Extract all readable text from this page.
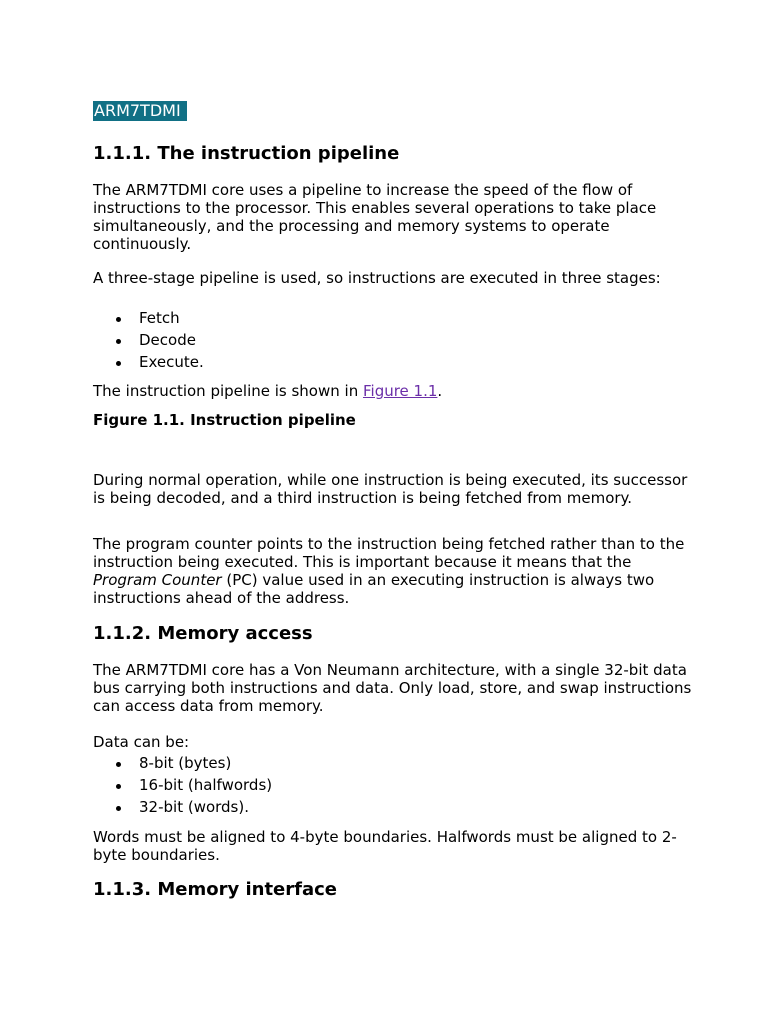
ARM7TDMI
1.1.1. The instruction pipeline

The ARM7TDMI core uses a pipeline to increase the speed of the flow of instructions to the processor. This enables several operations to take place simultaneously, and the processing and memory systems to operate continuously.

A three-stage pipeline is used, so instructions are executed in three stages:

Fetch
Decode
Execute.

The instruction pipeline is shown in Figure 1.1.

Figure 1.1. Instruction pipeline

During normal operation, while one instruction is being executed, its successor is being decoded, and a third instruction is being fetched from memory.

The program counter points to the instruction being fetched rather than to the instruction being executed. This is important because it means that the Program Counter (PC) value used in an executing instruction is always two instructions ahead of the address.

1.1.2. Memory access

The ARM7TDMI core has a Von Neumann architecture, with a single 32-bit data bus carrying both instructions and data. Only load, store, and swap instructions can access data from memory.

Data can be:

8-bit (bytes)
16-bit (halfwords)
32-bit (words).

Words must be aligned to 4-byte boundaries. Halfwords must be aligned to 2-byte boundaries.

1.1.3. Memory interface
